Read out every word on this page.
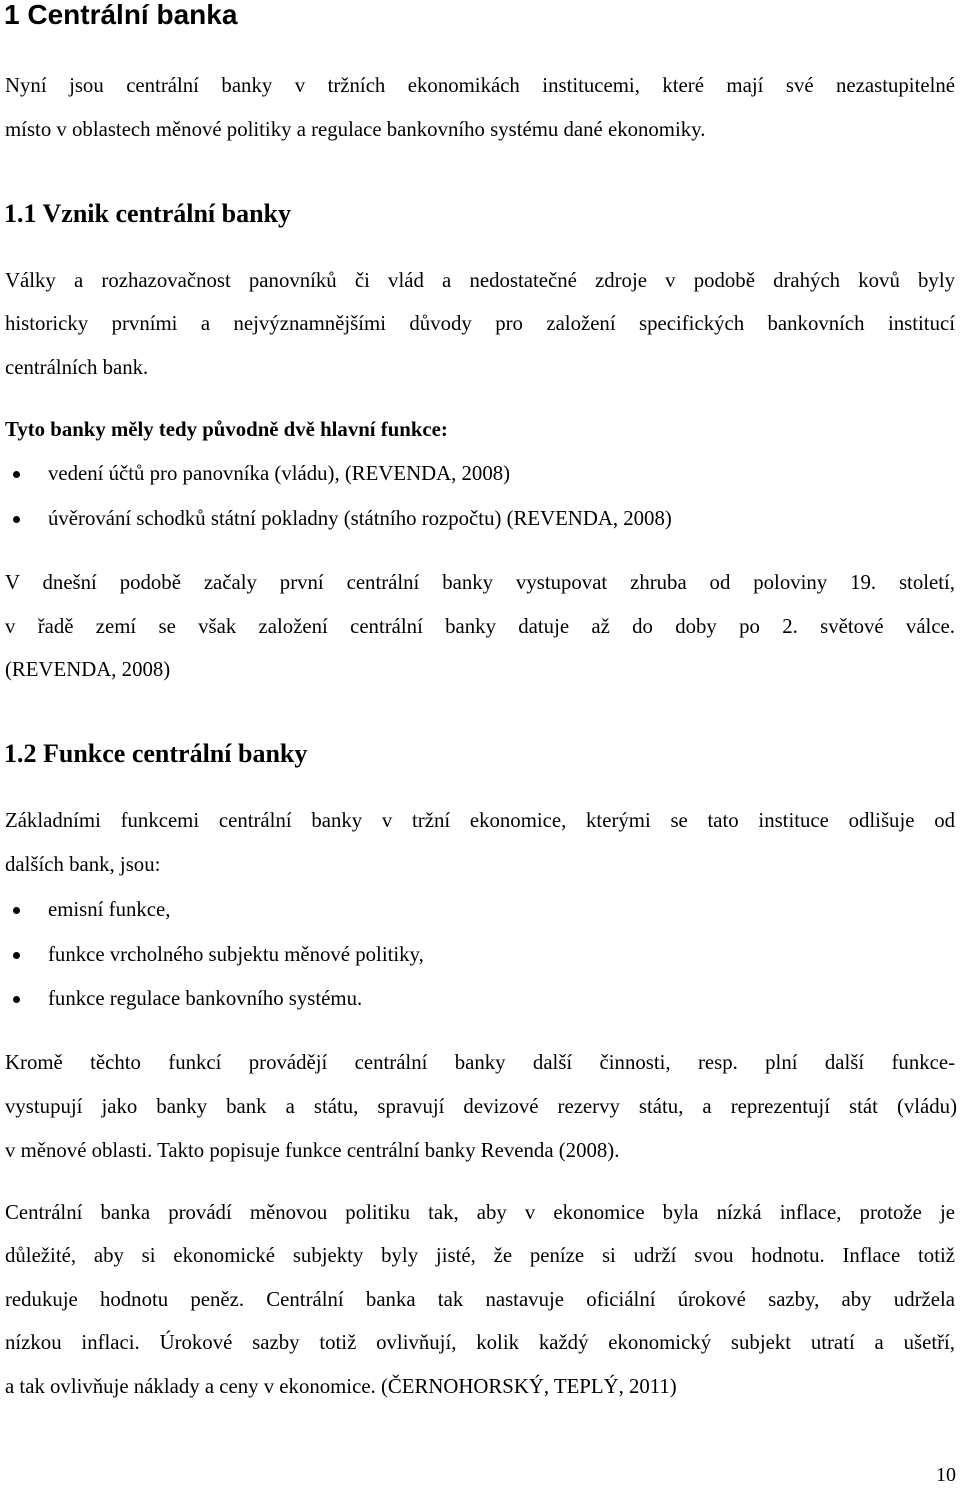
1 Centrální banka

Nyní jsou centrální banky v tržních ekonomikách institucemi, které mají své nezastupitelné

místo v oblastech měnové politiky a regulace bankovního systému dané ekonomiky.

1.1 Vznik centrální banky

Války a rozhazovačnost panovníků či vlád a nedostatečné zdroje v podobě drahých kovů byly

historicky prvními a nejvýznamnějšími důvody pro založení specifických bankovních institucí

centrálních bank.

Tyto banky měly tedy původně dvě hlavní funkce:

vedení účtů pro panovníka (vládu), (REVENDA, 2008)
úvěrování schodků státní pokladny (státního rozpočtu) (REVENDA, 2008)

V dnešní podobě začaly první centrální banky vystupovat zhruba od poloviny 19. století,

v řadě zemí se však založení centrální banky datuje až do doby po 2. světové válce.

(REVENDA, 2008)

1.2 Funkce centrální banky

Základními funkcemi centrální banky v tržní ekonomice, kterými se tato instituce odlišuje od

dalších bank, jsou:

emisní funkce,
funkce vrcholného subjektu měnové politiky,
funkce regulace bankovního systému.

Kromě těchto funkcí provádějí centrální banky další činnosti, resp. plní další funkce-

vystupují jako banky bank a státu, spravují devizové rezervy státu, a reprezentují stát (vládu)

v měnové oblasti. Takto popisuje funkce centrální banky Revenda (2008).

Centrální banka provádí měnovou politiku tak, aby v ekonomice byla nízká inflace, protože je

důležité, aby si ekonomické subjekty byly jisté, že peníze si udrží svou hodnotu. Inflace totiž

redukuje hodnotu peněz. Centrální banka tak nastavuje oficiální úrokové sazby, aby udržela

nízkou inflaci. Úrokové sazby totiž ovlivňují, kolik každý ekonomický subjekt utratí a ušetří,

a tak ovlivňuje náklady a ceny v ekonomice. (ČERNOHORSKÝ, TEPLÝ, 2011)

10
